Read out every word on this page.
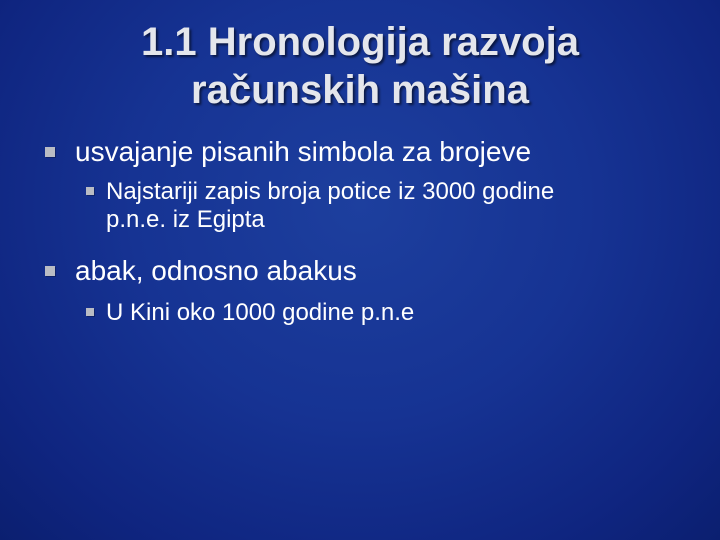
1.1 Hronologija razvoja
računskih mašina
usvajanje pisanih simbola za brojeve
Najstariji zapis broja potice iz 3000 godine
p.n.e. iz Egipta
abak, odnosno abakus
U Kini oko 1000 godine p.n.e
